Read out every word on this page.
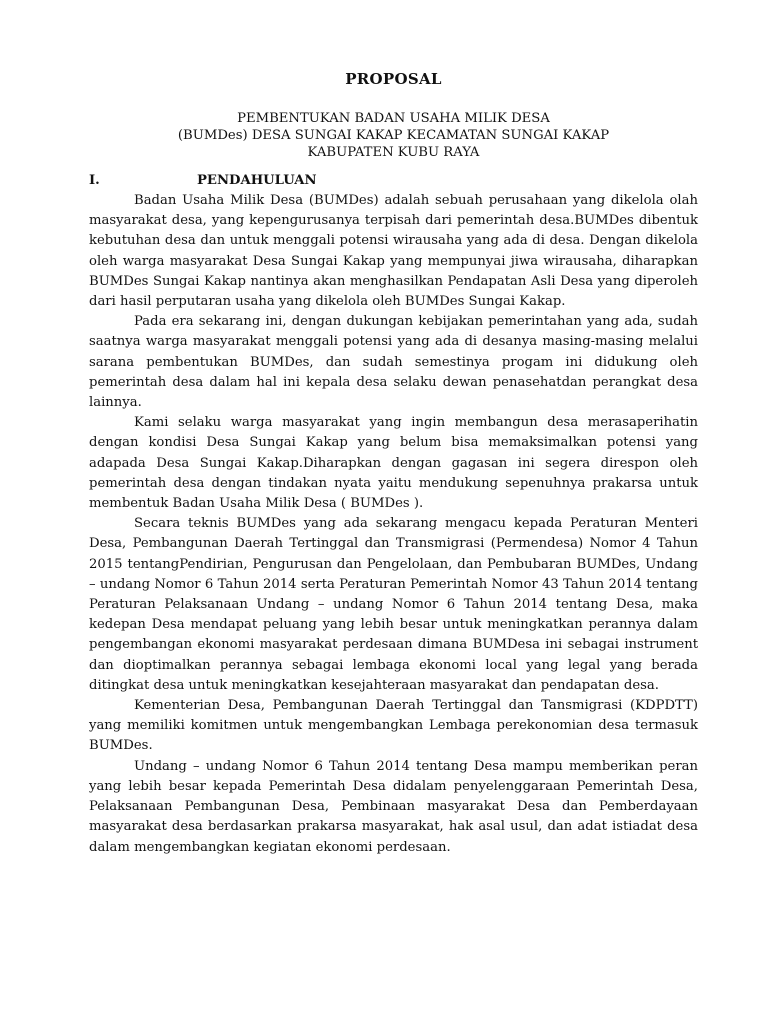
PROPOSAL
PEMBENTUKAN BADAN USAHA MILIK DESA
(BUMDes) DESA SUNGAI KAKAP KECAMATAN SUNGAI KAKAP
KABUPATEN KUBU RAYA
I.	PENDAHULUAN

Badan Usaha Milik Desa (BUMDes) adalah sebuah perusahaan yang dikelola olah masyarakat desa, yang kepengurusanya terpisah dari pemerintah desa.BUMDes dibentuk kebutuhan desa dan untuk menggali potensi wirausaha yang ada di desa. Dengan dikelola oleh warga masyarakat Desa Sungai Kakap yang mempunyai jiwa wirausaha, diharapkan BUMDes Sungai Kakap nantinya akan menghasilkan Pendapatan Asli Desa yang diperoleh dari hasil perputaran usaha yang dikelola oleh BUMDes Sungai Kakap.

Pada era sekarang ini, dengan dukungan kebijakan pemerintahan yang ada, sudah saatnya warga masyarakat menggali potensi yang ada di desanya masing-masing melalui sarana pembentukan BUMDes, dan sudah semestinya progam ini didukung oleh pemerintah desa dalam hal ini kepala desa selaku dewan penasehatdan perangkat desa lainnya.

Kami selaku warga masyarakat yang ingin membangun desa merasaperihatin dengan kondisi Desa Sungai Kakap yang belum bisa memaksimalkan potensi yang adapada Desa Sungai Kakap.Diharapkan dengan gagasan ini segera direspon oleh pemerintah desa dengan tindakan nyata yaitu mendukung sepenuhnya prakarsa untuk membentuk Badan Usaha Milik Desa ( BUMDes ).

Secara teknis BUMDes yang ada sekarang mengacu kepada Peraturan Menteri Desa, Pembangunan Daerah Tertinggal dan Transmigrasi (Permendesa) Nomor 4 Tahun 2015 tentangPendirian, Pengurusan dan Pengelolaan, dan Pembubaran BUMDes, Undang – undang Nomor 6 Tahun 2014 serta Peraturan Pemerintah Nomor 43 Tahun 2014 tentang Peraturan Pelaksanaan Undang – undang Nomor 6 Tahun 2014 tentang Desa, maka kedepan Desa mendapat peluang yang lebih besar untuk meningkatkan perannya dalam pengembangan ekonomi masyarakat perdesaan dimana BUMDesa ini sebagai instrument dan dioptimalkan perannya sebagai lembaga ekonomi local yang legal yang berada ditingkat desa untuk meningkatkan kesejahteraan masyarakat dan pendapatan desa.

Kementerian Desa, Pembangunan Daerah Tertinggal dan Tansmigrasi (KDPDTT) yang memiliki komitmen untuk mengembangkan Lembaga perekonomian desa termasuk BUMDes.

Undang – undang Nomor 6 Tahun 2014 tentang Desa mampu memberikan peran yang lebih besar kepada Pemerintah Desa didalam penyelenggaraan Pemerintah Desa, Pelaksanaan Pembangunan Desa, Pembinaan masyarakat Desa dan Pemberdayaan masyarakat desa berdasarkan prakarsa masyarakat, hak asal usul, dan adat istiadat desa dalam mengembangkan kegiatan ekonomi perdesaan.
